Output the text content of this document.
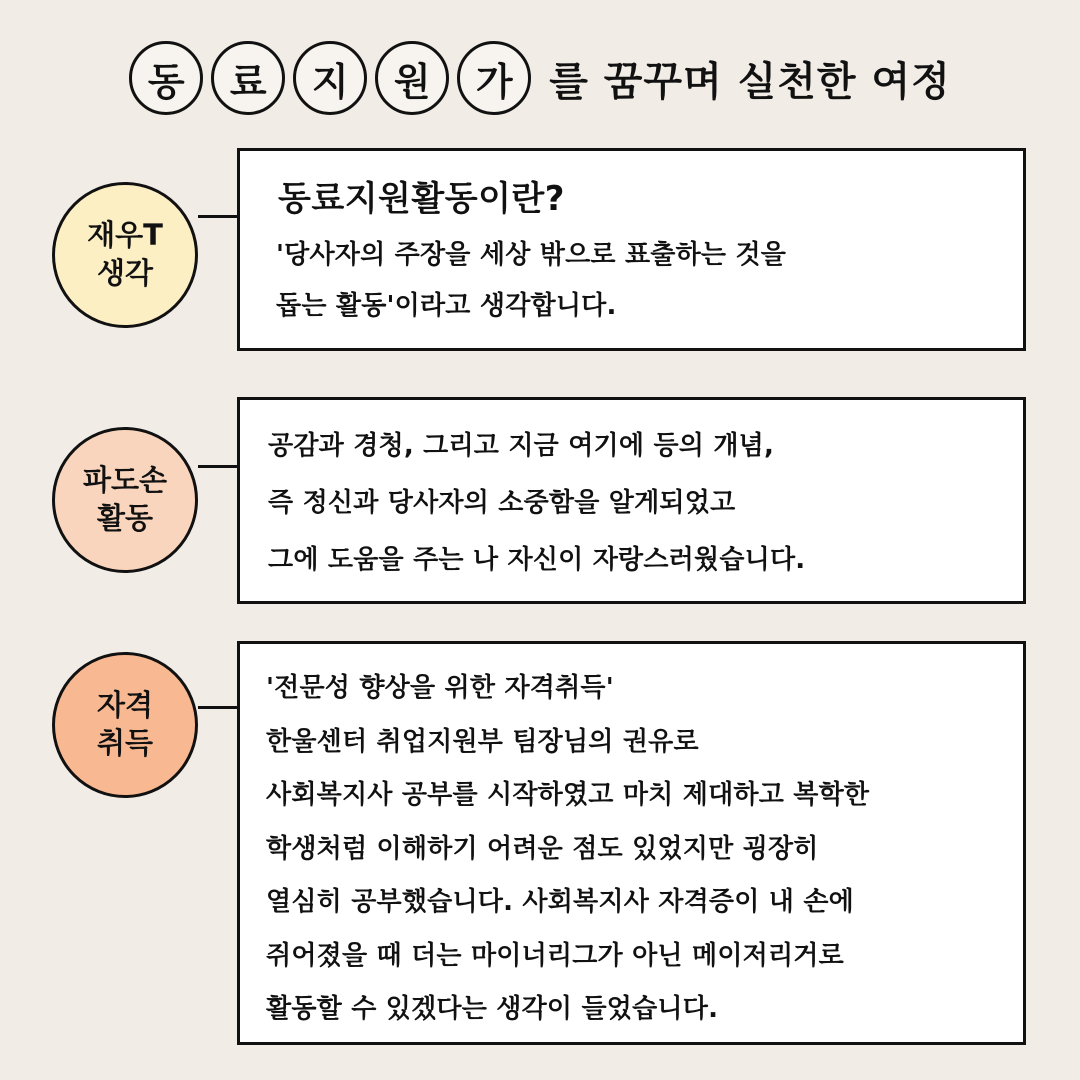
동	료	지	원	가 를 꿈꾸며 실천한 여정
재우T
생각
동료지원활동이란?
'당사자의 주장을 세상 밖으로 표출하는 것을
돕는 활동'이라고 생각합니다.
파도손
활동
공감과 경청, 그리고 지금 여기에 등의 개념,
즉 정신과 당사자의 소중함을 알게되었고
그에 도움을 주는 나 자신이 자랑스러웠습니다.
자격
취득
'전문성 향상을 위한 자격취득'
한울센터 취업지원부 팀장님의 권유로
사회복지사 공부를 시작하였고 마치 제대하고 복학한
학생처럼 이해하기 어려운 점도 있었지만 굉장히
열심히 공부했습니다. 사회복지사 자격증이 내 손에
쥐어졌을 때 더는 마이너리그가 아닌 메이저리거로
활동할 수 있겠다는 생각이 들었습니다.
